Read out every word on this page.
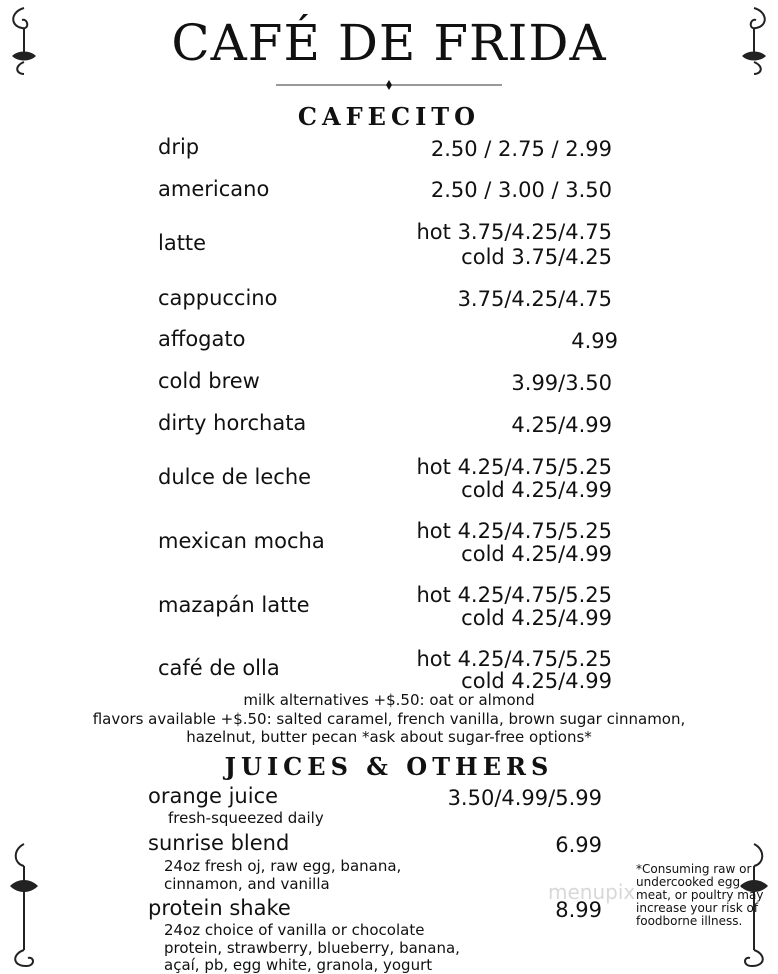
CAFÉ DE FRIDA
CAFECITO
drip	2.50 / 2.75 / 2.99
americano	2.50 / 3.00 / 3.50
latte	hot 3.75/4.25/4.75
cold 3.75/4.25
cappuccino	3.75/4.25/4.75
affogato	4.99
cold brew	3.99/3.50
dirty horchata	4.25/4.99
dulce de leche	hot 4.25/4.75/5.25
cold 4.25/4.99
mexican mocha	hot 4.25/4.75/5.25
cold 4.25/4.99
mazapán latte	hot 4.25/4.75/5.25
cold 4.25/4.99
café de olla	hot 4.25/4.75/5.25
cold 4.25/4.99
milk alternatives +$.50: oat or almond
flavors available +$.50: salted caramel, french vanilla, brown sugar cinnamon,
hazelnut, butter pecan *ask about sugar-free options*
JUICES & OTHERS
orange juice	3.50/4.99/5.99
fresh-squeezed daily
sunrise blend	6.99
24oz fresh oj, raw egg, banana,
cinnamon, and vanilla
protein shake	8.99
24oz choice of vanilla or chocolate
protein, strawberry, blueberry, banana,
açaí, pb, egg white, granola, yogurt
menupix
*Consuming raw or undercooked egg, meat, or poultry may increase your risk of foodborne illness.
